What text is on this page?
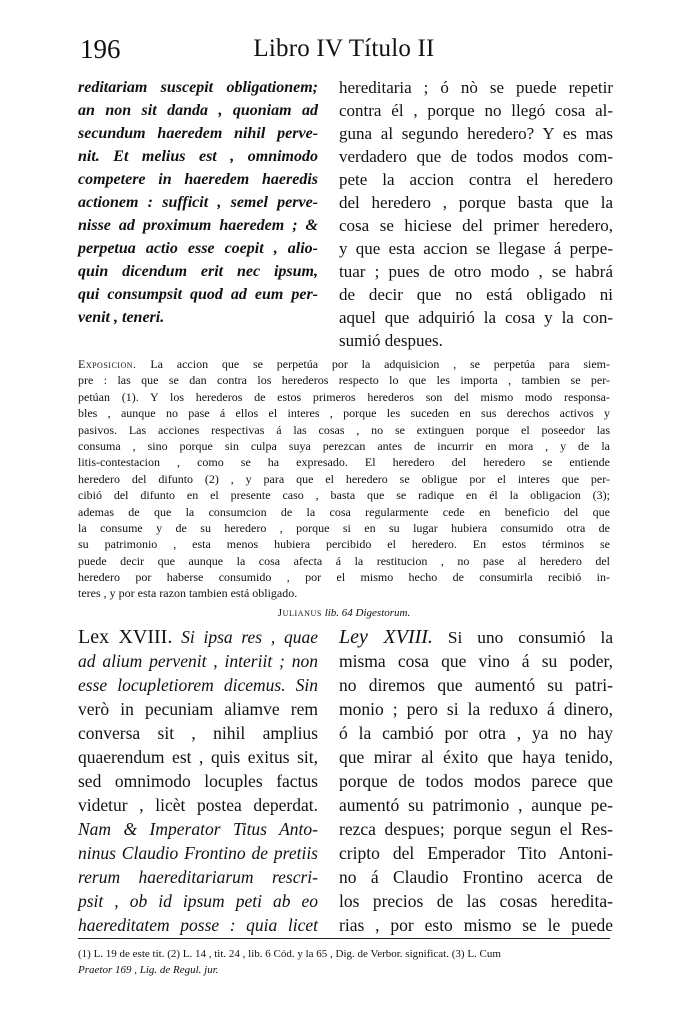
196	Libro IV Título II
reditariam suscepit obligationem;
an non sit danda , quoniam ad
secundum haeredem nihil perve-
nit. Et melius est , omnimodo
competere in haeredem haeredis
actionem : sufficit , semel perve-
nisse ad proximum haeredem ; &
perpetua actio esse coepit , alio-
quin dicendum erit nec ipsum,
qui consumpsit quod ad eum per-
venit , teneri.
hereditaria ; ó nò se puede repetir
contra él , porque no llegó cosa al-
guna al segundo heredero? Y es mas
verdadero que de todos modos com-
pete la accion contra el heredero
del heredero , porque basta que la
cosa se hiciese del primer heredero,
y que esta accion se llegase á perpe-
tuar ; pues de otro modo , se habrá
de decir que no está obligado ni
aquel que adquirió la cosa y la con-
sumió despues.
Exposicion. La accion que se perpetúa por la adquisicion , se perpetúa para siem-
pre : las que se dan contra los herederos respecto lo que les importa , tambien se per-
petúan (1). Y los herederos de estos primeros herederos son del mismo modo responsa-
bles , aunque no pase á ellos el interes , porque les suceden en sus derechos activos y
pasivos. Las acciones respectivas á las cosas , no se extinguen porque el poseedor las
consuma , sino porque sin culpa suya perezcan antes de incurrir en mora , y de la
litis-contestacion , como se ha expresado. El heredero del heredero se entiende
heredero del difunto (2) , y para que el heredero se obligue por el interes que per-
cibió del difunto en el presente caso , basta que se radique en él la obligacion (3);
ademas de que la consumcion de la cosa regularmente cede en beneficio del que
la consume y de su heredero , porque si en su lugar hubiera consumido otra de
su patrimonio , esta menos hubiera percibido el heredero. En estos términos se
puede decir que aunque la cosa afecta á la restitucion , no pase al heredero del
heredero por haberse consumido , por el mismo hecho de consumirla recibió in-
teres , y por esta razon tambien está obligado.
Julianus lib. 64 Digestorum.
Lex XVIII. Si ipsa res , quae
ad alium pervenit , interiit ; non
esse locupletiorem dicemus. Sin
verò in pecuniam aliamve rem
conversa sit , nihil amplius
quaerendum est , quis exitus sit,
sed omnimodo locuples factus
videtur , licèt postea deperdat.
Nam & Imperator Titus Anto-
ninus Claudio Frontino de pretiis
rerum haereditariarum rescri-
psit , ob id ipsum peti ab eo
haereditatem posse : quia licet
Ley XVIII. Si uno consumió la
misma cosa que vino á su poder,
no diremos que aumentó su patri-
monio ; pero si la reduxo á dinero,
ó la cambió por otra , ya no hay
que mirar al éxito que haya tenido,
porque de todos modos parece que
aumentó su patrimonio , aunque pe-
rezca despues; porque segun el Res-
cripto del Emperador Tito Antoni-
no á Claudio Frontino acerca de
los precios de las cosas heredita-
rias , por esto mismo se le puede
(1) L. 19 de este tit. (2) L. 14 , tit. 24 , lib. 6 Cód. y la 65 , Dig. de Verbor. significat. (3) L. Cum
Praetor 169 , Lig. de Regul. jur.
